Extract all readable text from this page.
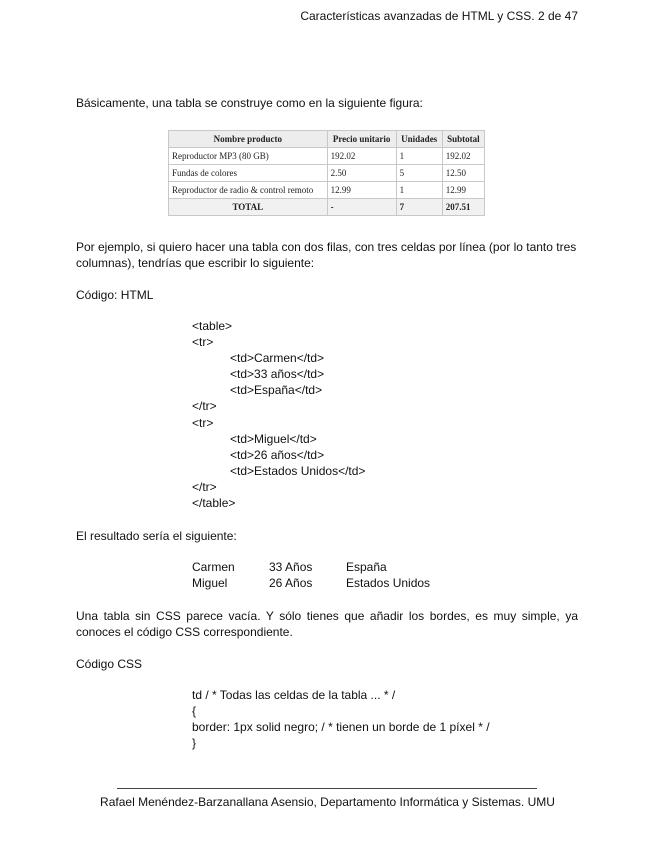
Características avanzadas de HTML y CSS. 2 de 47
Básicamente, una tabla se construye como en la siguiente figura:
Nombre producto	Precio unitario	Unidades	Subtotal
Reproductor MP3 (80 GB)	192.02	1	192.02
Fundas de colores	2.50	5	12.50
Reproductor de radio & control remoto	12.99	1	12.99
TOTAL	-	7	207.51
Por ejemplo, si quiero hacer una tabla con dos filas, con tres celdas por línea (por lo tanto tres columnas), tendrías que escribir lo siguiente:
Código: HTML
<table>
<tr>
<td>Carmen</td>
<td>33 años</td>
<td>España</td>
</tr>
<tr>
<td>Miguel</td>
<td>26 años</td>
<td>Estados Unidos</td>
</tr>
</table>
El resultado sería el siguiente:
Carmen	33 Años	España
Miguel	26 Años	Estados Unidos
Una tabla sin CSS parece vacía. Y sólo tienes que añadir los bordes, es muy simple, ya conoces el código CSS correspondiente.
Código CSS
td / * Todas las celdas de la tabla ... * /
{
border: 1px solid negro; / * tienen un borde de 1 píxel * /
}
Rafael Menéndez-Barzanallana Asensio, Departamento Informática y Sistemas. UMU
